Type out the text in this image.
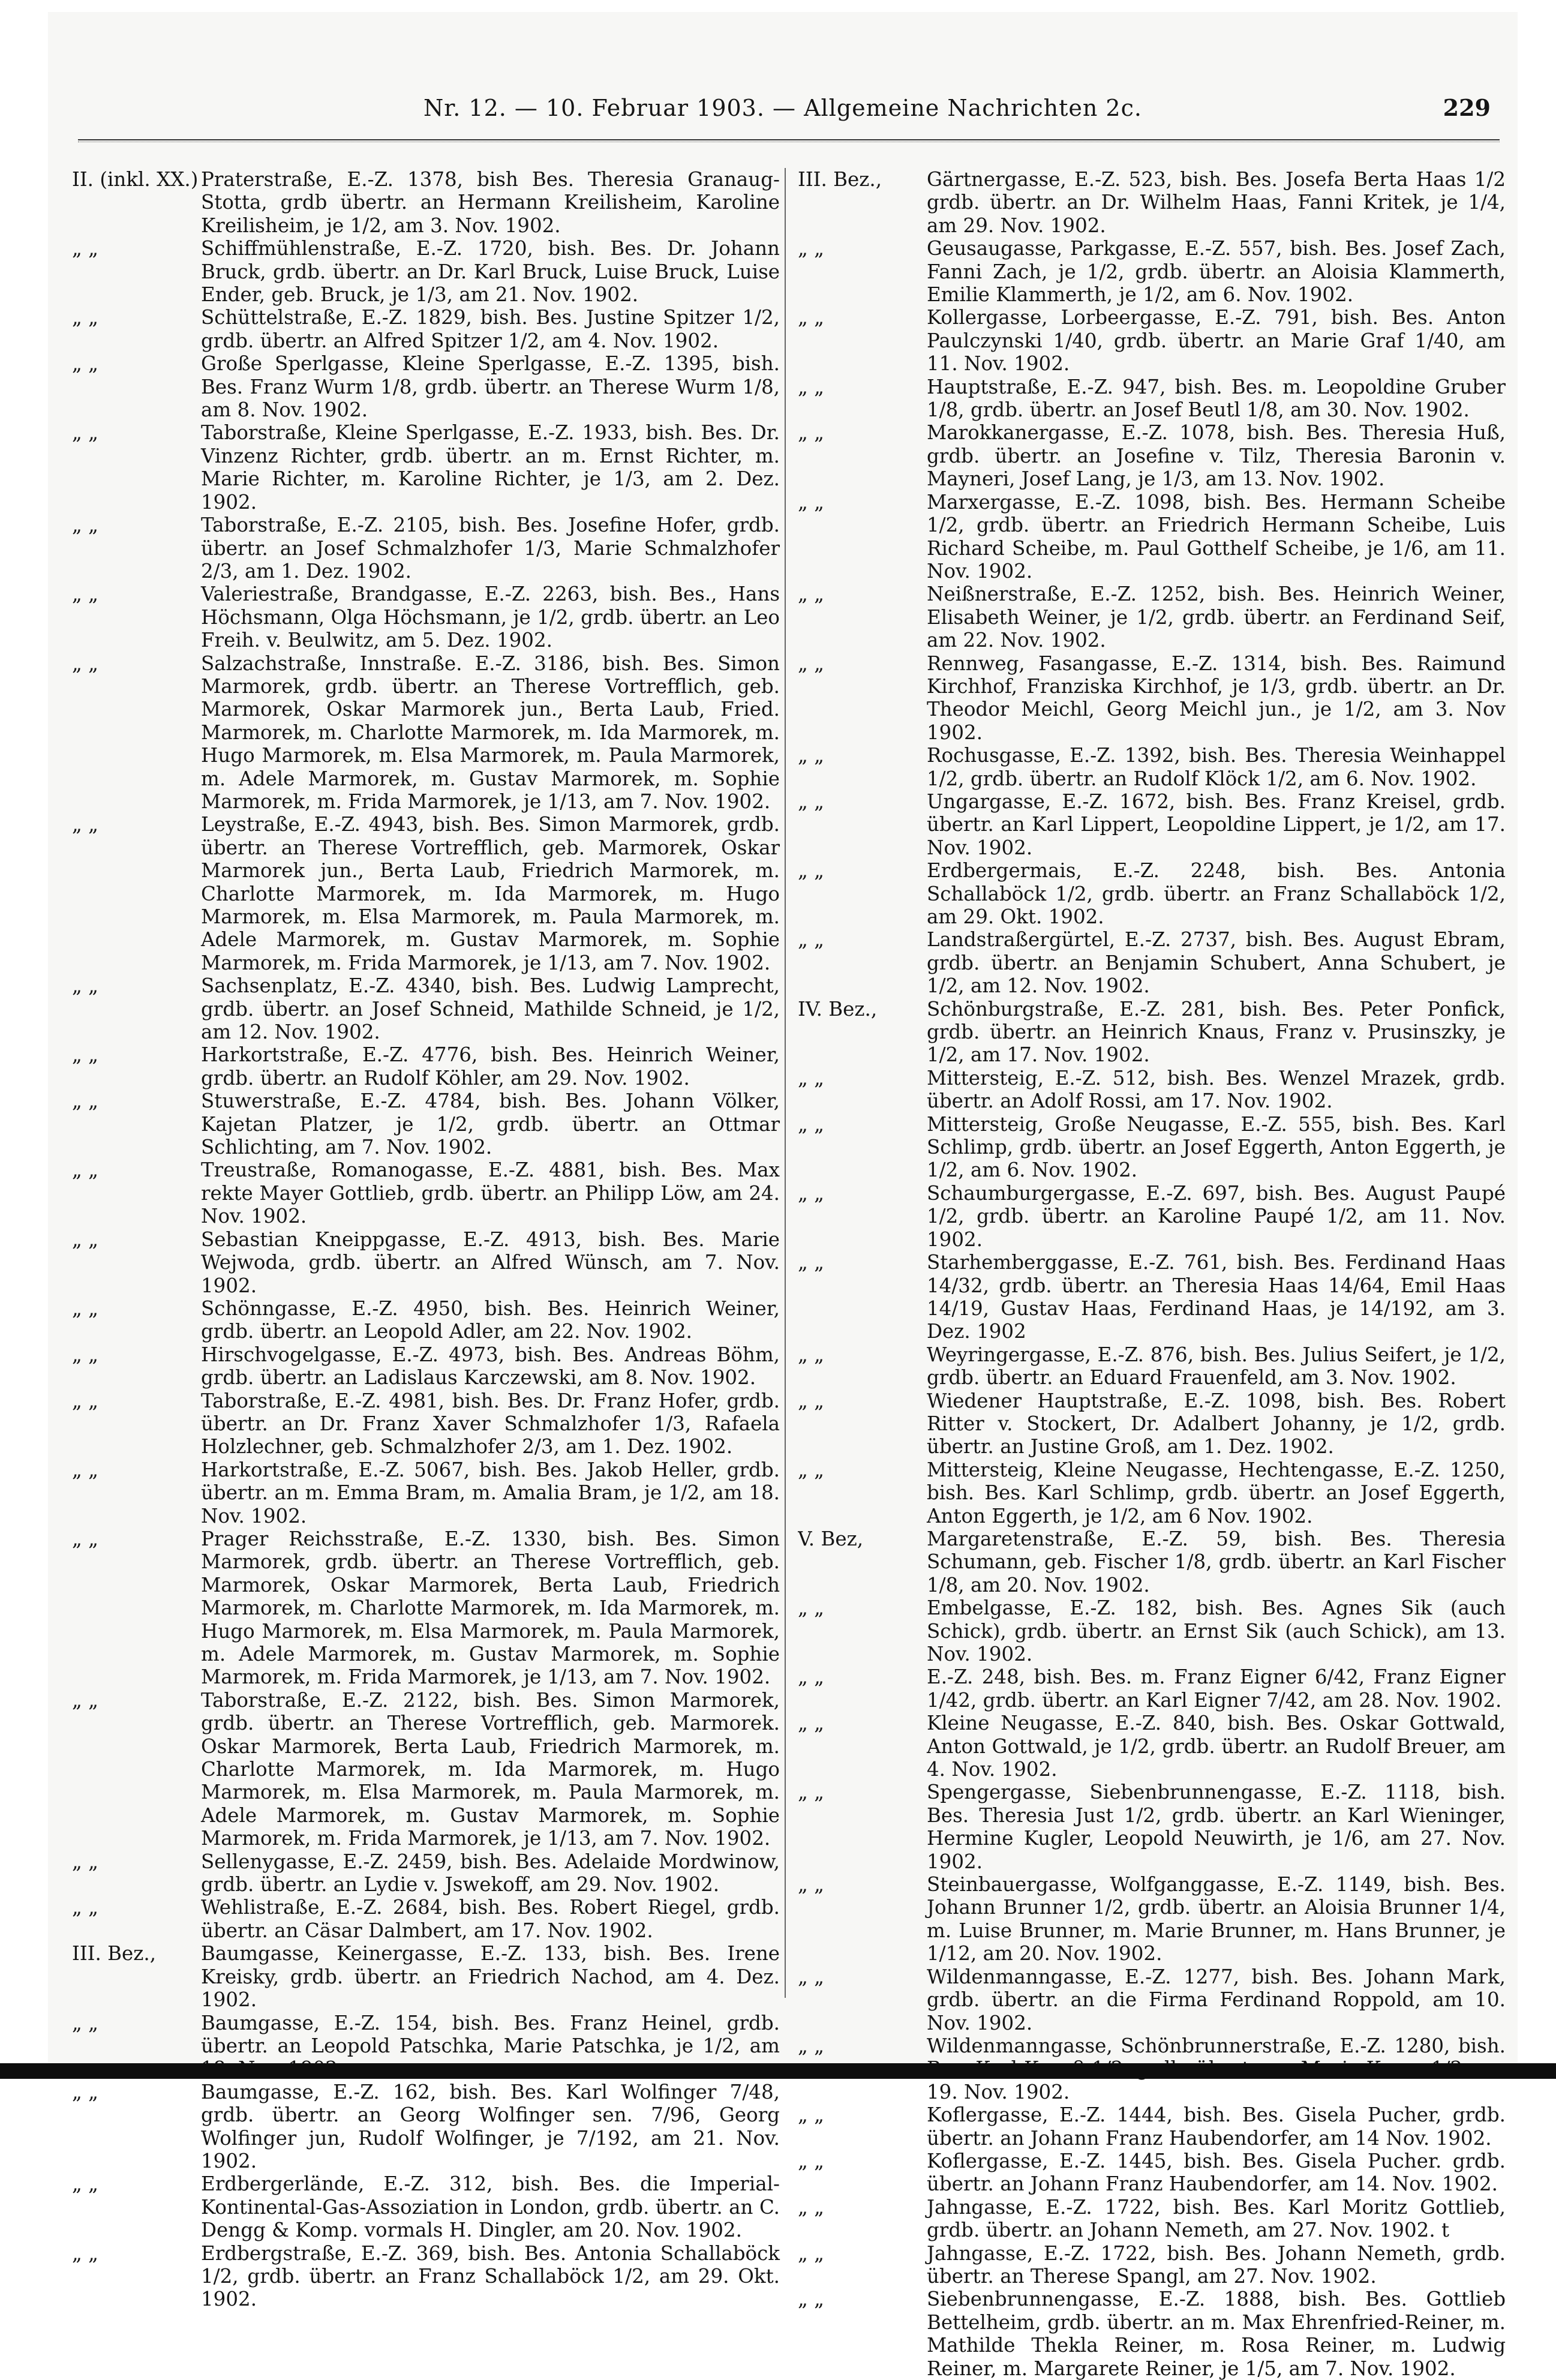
Nr. 12. — 10. Februar 1903. — Allgemeine Nachrichten 2c.	229
II. (inkl. XX.) Praterstraße, E.-Z. 1378, bish Bes. Theresia Granaug-Stotta, grdb übertr. an Hermann Kreilisheim, Karoline Kreilisheim, je 1/2, am 3. Nov. 1902.
„ „	Schiffmühlenstraße, E.-Z. 1720, bish. Bes. Dr. Johann Bruck, grdb. übertr. an Dr. Karl Bruck, Luise Bruck, Luise Ender, geb. Bruck, je 1/3, am 21. Nov. 1902.
„ „	Schüttelstraße, E.-Z. 1829, bish. Bes. Justine Spitzer 1/2, grdb. übertr. an Alfred Spitzer 1/2, am 4. Nov. 1902.
„ „	Große Sperlgasse, Kleine Sperlgasse, E.-Z. 1395, bish. Bes. Franz Wurm 1/8, grdb. übertr. an Therese Wurm 1/8, am 8. Nov. 1902.
„ „	Taborstraße, Kleine Sperlgasse, E.-Z. 1933, bish. Bes. Dr. Vinzenz Richter, grdb. übertr. an m. Ernst Richter, m. Marie Richter, m. Karoline Richter, je 1/3, am 2. Dez. 1902.
„ „	Taborstraße, E.-Z. 2105, bish. Bes. Josefine Hofer, grdb. übertr. an Josef Schmalzhofer 1/3, Marie Schmalzhofer 2/3, am 1. Dez. 1902.
„ „	Valeriestraße, Brandgasse, E.-Z. 2263, bish. Bes., Hans Höchsmann, Olga Höchsmann, je 1/2, grdb. übertr. an Leo Freih. v. Beulwitz, am 5. Dez. 1902.
„ „	Salzachstraße, Innstraße. E.-Z. 3186, bish. Bes. Simon Marmorek, grdb. übertr. an Therese Vortrefflich, geb. Marmorek, Oskar Marmorek jun., Berta Laub, Fried. Marmorek, m. Charlotte Marmorek, m. Ida Marmorek, m. Hugo Marmorek, m. Elsa Marmorek, m. Paula Marmorek, m. Adele Marmorek, m. Gustav Marmorek, m. Sophie Marmorek, m. Frida Marmorek, je 1/13, am 7. Nov. 1902.
„ „	Leystraße, E.-Z. 4943, bish. Bes. Simon Marmorek, grdb. übertr. an Therese Vortrefflich, geb. Marmorek, Oskar Marmorek jun., Berta Laub, Friedrich Marmorek, m. Charlotte Marmorek, m. Ida Marmorek, m. Hugo Marmorek, m. Elsa Marmorek, m. Paula Marmorek, m. Adele Marmorek, m. Gustav Marmorek, m. Sophie Marmorek, m. Frida Marmorek, je 1/13, am 7. Nov. 1902.
„ „	Sachsenplatz, E.-Z. 4340, bish. Bes. Ludwig Lamprecht, grdb. übertr. an Josef Schneid, Mathilde Schneid, je 1/2, am 12. Nov. 1902.
„ „	Harkortstraße, E.-Z. 4776, bish. Bes. Heinrich Weiner, grdb. übertr. an Rudolf Köhler, am 29. Nov. 1902.
„ „	Stuwerstraße, E.-Z. 4784, bish. Bes. Johann Völker, Kajetan Platzer, je 1/2, grdb. übertr. an Ottmar Schlichting, am 7. Nov. 1902.
„ „	Treustraße, Romanogasse, E.-Z. 4881, bish. Bes. Max rekte Mayer Gottlieb, grdb. übertr. an Philipp Löw, am 24. Nov. 1902.
„ „	Sebastian Kneippgasse, E.-Z. 4913, bish. Bes. Marie Wejwoda, grdb. übertr. an Alfred Wünsch, am 7. Nov. 1902.
„ „	Schönngasse, E.-Z. 4950, bish. Bes. Heinrich Weiner, grdb. übertr. an Leopold Adler, am 22. Nov. 1902.
„ „	Hirschvogelgasse, E.-Z. 4973, bish. Bes. Andreas Böhm, grdb. übertr. an Ladislaus Karczewski, am 8. Nov. 1902.
„ „	Taborstraße, E.-Z. 4981, bish. Bes. Dr. Franz Hofer, grdb. übertr. an Dr. Franz Xaver Schmalzhofer 1/3, Rafaela Holzlechner, geb. Schmalzhofer 2/3, am 1. Dez. 1902.
„ „	Harkortstraße, E.-Z. 5067, bish. Bes. Jakob Heller, grdb. übertr. an m. Emma Bram, m. Amalia Bram, je 1/2, am 18. Nov. 1902.
„ „	Prager Reichsstraße, E.-Z. 1330, bish. Bes. Simon Marmorek, grdb. übertr. an Therese Vortrefflich, geb. Marmorek, Oskar Marmorek, Berta Laub, Friedrich Marmorek, m. Charlotte Marmorek, m. Ida Marmorek, m. Hugo Marmorek, m. Elsa Marmorek, m. Paula Marmorek, m. Adele Marmorek, m. Gustav Marmorek, m. Sophie Marmorek, m. Frida Marmorek, je 1/13, am 7. Nov. 1902.
„ „	Taborstraße, E.-Z. 2122, bish. Bes. Simon Marmorek, grdb. übertr. an Therese Vortrefflich, geb. Marmorek. Oskar Marmorek, Berta Laub, Friedrich Marmorek, m. Charlotte Marmorek, m. Ida Marmorek, m. Hugo Marmorek, m. Elsa Marmorek, m. Paula Marmorek, m. Adele Marmorek, m. Gustav Marmorek, m. Sophie Marmorek, m. Frida Marmorek, je 1/13, am 7. Nov. 1902.
„ „	Sellenygasse, E.-Z. 2459, bish. Bes. Adelaide Mordwinow, grdb. übertr. an Lydie v. Jswekoff, am 29. Nov. 1902.
„ „	Wehlistraße, E.-Z. 2684, bish. Bes. Robert Riegel, grdb. übertr. an Cäsar Dalmbert, am 17. Nov. 1902.
III. Bez.,	Baumgasse, Keinergasse, E.-Z. 133, bish. Bes. Irene Kreisky, grdb. übertr. an Friedrich Nachod, am 4. Dez. 1902.
„ „	Baumgasse, E.-Z. 154, bish. Bes. Franz Heinel, grdb. übertr. an Leopold Patschka, Marie Patschka, je 1/2, am 18. Nov. 1902.
„ „	Baumgasse, E.-Z. 162, bish. Bes. Karl Wolfinger 7/48, grdb. übertr. an Georg Wolfinger sen. 7/96, Georg Wolfinger jun, Rudolf Wolfinger, je 7/192, am 21. Nov. 1902.
„ „	Erdbergerlände, E.-Z. 312, bish. Bes. die Imperial-Kontinental-Gas-Assoziation in London, grdb. übertr. an C. Dengg & Komp. vormals H. Dingler, am 20. Nov. 1902.
„ „	Erdbergstraße, E.-Z. 369, bish. Bes. Antonia Schallaböck 1/2, grdb. übertr. an Franz Schallaböck 1/2, am 29. Okt. 1902.
III. Bez.,	Gärtnergasse, E.-Z. 523, bish. Bes. Josefa Berta Haas 1/2 grdb. übertr. an Dr. Wilhelm Haas, Fanni Kritek, je 1/4, am 29. Nov. 1902.
„ „	Geusaugasse, Parkgasse, E.-Z. 557, bish. Bes. Josef Zach, Fanni Zach, je 1/2, grdb. übertr. an Aloisia Klammerth, Emilie Klammerth, je 1/2, am 6. Nov. 1902.
„ „	Kollergasse, Lorbeergasse, E.-Z. 791, bish. Bes. Anton Paulczynski 1/40, grdb. übertr. an Marie Graf 1/40, am 11. Nov. 1902.
„ „	Hauptstraße, E.-Z. 947, bish. Bes. m. Leopoldine Gruber 1/8, grdb. übertr. an Josef Beutl 1/8, am 30. Nov. 1902.
„ „	Marokkanergasse, E.-Z. 1078, bish. Bes. Theresia Huß, grdb. übertr. an Josefine v. Tilz, Theresia Baronin v. Mayneri, Josef Lang, je 1/3, am 13. Nov. 1902.
„ „	Marxergasse, E.-Z. 1098, bish. Bes. Hermann Scheibe 1/2, grdb. übertr. an Friedrich Hermann Scheibe, Luis Richard Scheibe, m. Paul Gotthelf Scheibe, je 1/6, am 11. Nov. 1902.
„ „	Neißnerstraße, E.-Z. 1252, bish. Bes. Heinrich Weiner, Elisabeth Weiner, je 1/2, grdb. übertr. an Ferdinand Seif, am 22. Nov. 1902.
„ „	Rennweg, Fasangasse, E.-Z. 1314, bish. Bes. Raimund Kirchhof, Franziska Kirchhof, je 1/3, grdb. übertr. an Dr. Theodor Meichl, Georg Meichl jun., je 1/2, am 3. Nov 1902.
„ „	Rochusgasse, E.-Z. 1392, bish. Bes. Theresia Weinhappel 1/2, grdb. übertr. an Rudolf Klöck 1/2, am 6. Nov. 1902.
„ „	Ungargasse, E.-Z. 1672, bish. Bes. Franz Kreisel, grdb. übertr. an Karl Lippert, Leopoldine Lippert, je 1/2, am 17. Nov. 1902.
„ „	Erdbergermais, E.-Z. 2248, bish. Bes. Antonia Schallaböck 1/2, grdb. übertr. an Franz Schallaböck 1/2, am 29. Okt. 1902.
„ „	Landstraßergürtel, E.-Z. 2737, bish. Bes. August Ebram, grdb. übertr. an Benjamin Schubert, Anna Schubert, je 1/2, am 12. Nov. 1902.
IV. Bez.,	Schönburgstraße, E.-Z. 281, bish. Bes. Peter Ponfick, grdb. übertr. an Heinrich Knaus, Franz v. Prusinszky, je 1/2, am 17. Nov. 1902.
„ „	Mittersteig, E.-Z. 512, bish. Bes. Wenzel Mrazek, grdb. übertr. an Adolf Rossi, am 17. Nov. 1902.
„ „	Mittersteig, Große Neugasse, E.-Z. 555, bish. Bes. Karl Schlimp, grdb. übertr. an Josef Eggerth, Anton Eggerth, je 1/2, am 6. Nov. 1902.
„ „	Schaumburgergasse, E.-Z. 697, bish. Bes. August Paupé 1/2, grdb. übertr. an Karoline Paupé 1/2, am 11. Nov. 1902.
„ „	Starhemberggasse, E.-Z. 761, bish. Bes. Ferdinand Haas 14/32, grdb. übertr. an Theresia Haas 14/64, Emil Haas 14/19, Gustav Haas, Ferdinand Haas, je 14/192, am 3. Dez. 1902
„ „	Weyringergasse, E.-Z. 876, bish. Bes. Julius Seifert, je 1/2, grdb. übertr. an Eduard Frauenfeld, am 3. Nov. 1902.
„ „	Wiedener Hauptstraße, E.-Z. 1098, bish. Bes. Robert Ritter v. Stockert, Dr. Adalbert Johanny, je 1/2, grdb. übertr. an Justine Groß, am 1. Dez. 1902.
„ „	Mittersteig, Kleine Neugasse, Hechtengasse, E.-Z. 1250, bish. Bes. Karl Schlimp, grdb. übertr. an Josef Eggerth, Anton Eggerth, je 1/2, am 6 Nov. 1902.
V. Bez,	Margaretenstraße, E.-Z. 59, bish. Bes. Theresia Schumann, geb. Fischer 1/8, grdb. übertr. an Karl Fischer 1/8, am 20. Nov. 1902.
„ „	Embelgasse, E.-Z. 182, bish. Bes. Agnes Sik (auch Schick), grdb. übertr. an Ernst Sik (auch Schick), am 13. Nov. 1902.
„ „	E.-Z. 248, bish. Bes. m. Franz Eigner 6/42, Franz Eigner 1/42, grdb. übertr. an Karl Eigner 7/42, am 28. Nov. 1902.
„ „	Kleine Neugasse, E.-Z. 840, bish. Bes. Oskar Gottwald, Anton Gottwald, je 1/2, grdb. übertr. an Rudolf Breuer, am 4. Nov. 1902.
„ „	Spengergasse, Siebenbrunnengasse, E.-Z. 1118, bish. Bes. Theresia Just 1/2, grdb. übertr. an Karl Wieninger, Hermine Kugler, Leopold Neuwirth, je 1/6, am 27. Nov. 1902.
„ „	Steinbauergasse, Wolfganggasse, E.-Z. 1149, bish. Bes. Johann Brunner 1/2, grdb. übertr. an Aloisia Brunner 1/4, m. Luise Brunner, m. Marie Brunner, m. Hans Brunner, je 1/12, am 20. Nov. 1902.
„ „	Wildenmanngasse, E.-Z. 1277, bish. Bes. Johann Mark, grdb. übertr. an die Firma Ferdinand Roppold, am 10. Nov. 1902.
„ „	Wildenmanngasse, Schönbrunnerstraße, E.-Z. 1280, bish. Bes. Karl Krauß 1/2, grdb. übertr. an Marie Kraus 1/2, am 19. Nov. 1902.
„ „	Koflergasse, E.-Z. 1444, bish. Bes. Gisela Pucher, grdb. übertr. an Johann Franz Haubendorfer, am 14 Nov. 1902.
„ „	Koflergasse, E.-Z. 1445, bish. Bes. Gisela Pucher. grdb. übertr. an Johann Franz Haubendorfer, am 14. Nov. 1902.
„ „	Jahngasse, E.-Z. 1722, bish. Bes. Karl Moritz Gottlieb, grdb. übertr. an Johann Nemeth, am 27. Nov. 1902. t
„ „	Jahngasse, E.-Z. 1722, bish. Bes. Johann Nemeth, grdb. übertr. an Therese Spangl, am 27. Nov. 1902.
„ „	Siebenbrunnengasse, E.-Z. 1888, bish. Bes. Gottlieb Bettelheim, grdb. übertr. an m. Max Ehrenfried-Reiner, m. Mathilde Thekla Reiner, m. Rosa Reiner, m. Ludwig
